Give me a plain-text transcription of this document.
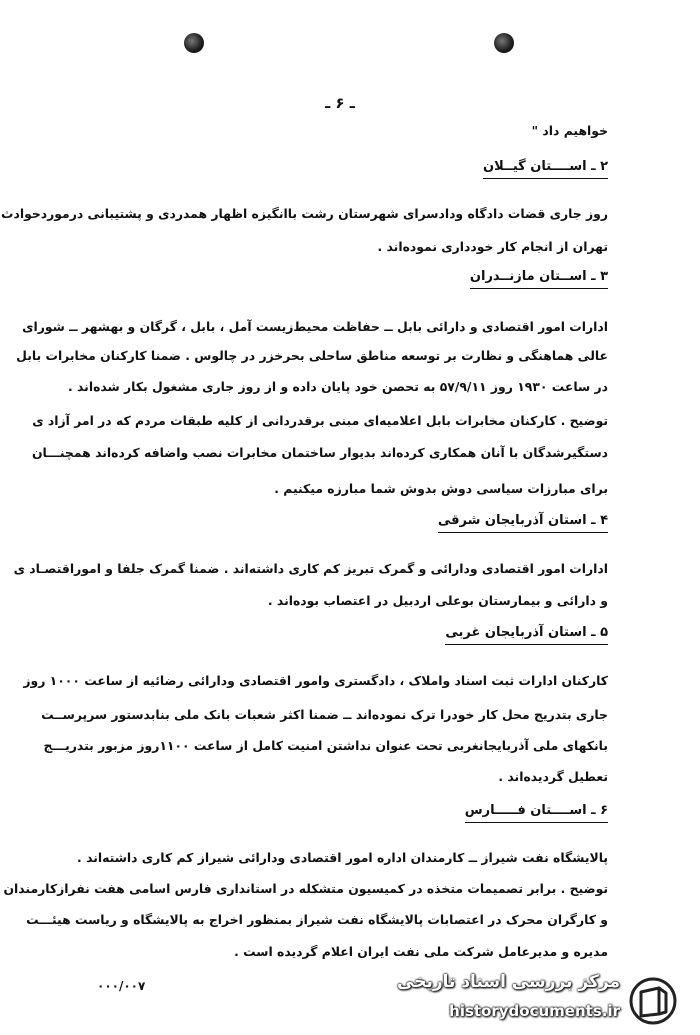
ـ ۶ ـ
خواهیم داد "
۲ ـ اســــتان گیــلان
روز جاری قضات دادگاه ودادسرای شهرستان رشت باانگیزه اظهار همدردی و پشتیبانی درموردحوادث
تهران از انجام کار خودداری نموده‌اند .
۳ ـ اســتان مازنــدران
ادارات امور اقتصادی و دارائی بابل ــ حفاظت محیط‌زیست آمل ، بابل ، گرگان و بهشهر ــ شورای
عالی هماهنگی و نظارت بر توسعه مناطق ساحلی بحرخزر در چالوس . ضمنا کارکنان مخابرات بابل
در ساعت ۱۹۳۰ روز ۵۷/۹/۱۱ به تحصن خود پایان داده و از روز جاری مشغول بکار شده‌اند .
توضیح . کارکنان مخابرات بابل اعلامیه‌ای مبنی برقدردانی از کلیه طبقات مردم که در امر آزاد ی
دستگیرشدگان با آنان همکاری کرده‌اند بدیوار ساختمان مخابرات نصب واضافه کرده‌اند همچنـــان
برای مبارزات سیاسی دوش بدوش شما مبارزه میکنیم .
۴ ـ استان آذربایجان شرقی
ادارات امور اقتصادی ودارائی و گمرک تبریز کم کاری داشته‌اند . ضمنا گمرک جلفا و اموراقتصـاد ی
و دارائی و بیمارستان بوعلی اردبیل در اعتصاب بوده‌اند .
۵ ـ استان آذربایجان غربی
کارکنان ادارات ثبت اسناد واملاک ، دادگستری وامور اقتصادی ودارائی رضائیه از ساعت ۱۰۰۰ روز
جاری بتدریج محل کار خودرا ترک نموده‌اند ــ ضمنا اکثر شعبات بانک ملی بنابدستور سرپرســت
بانکهای ملی آذربایجانغربی تحت عنوان نداشتن امنیت کامل از ساعت ۱۱۰۰روز مزبور بتدریـــج
تعطیل گردیده‌اند .
۶ ـ اســــتان فـــــارس
پالایشگاه نفت شیراز ــ کارمندان اداره امور اقتصادی ودارائی شیراز کم کاری داشته‌اند .
توضیح . برابر تصمیمات متخذه در کمیسیون متشکله در استانداری فارس اسامی هفت نفرازکارمندان
و کارگران محرک در اعتصابات پالایشگاه نفت شیراز بمنظور اخراج به پالایشگاه و ریاست هیئـــت
مدیره و مدیرعامل شرکت ملی نفت ایران اعلام گردیده است .
۰۰۰/۰۰۷	مرکز بررسی اسناد تاریخی
historydocuments.ir
